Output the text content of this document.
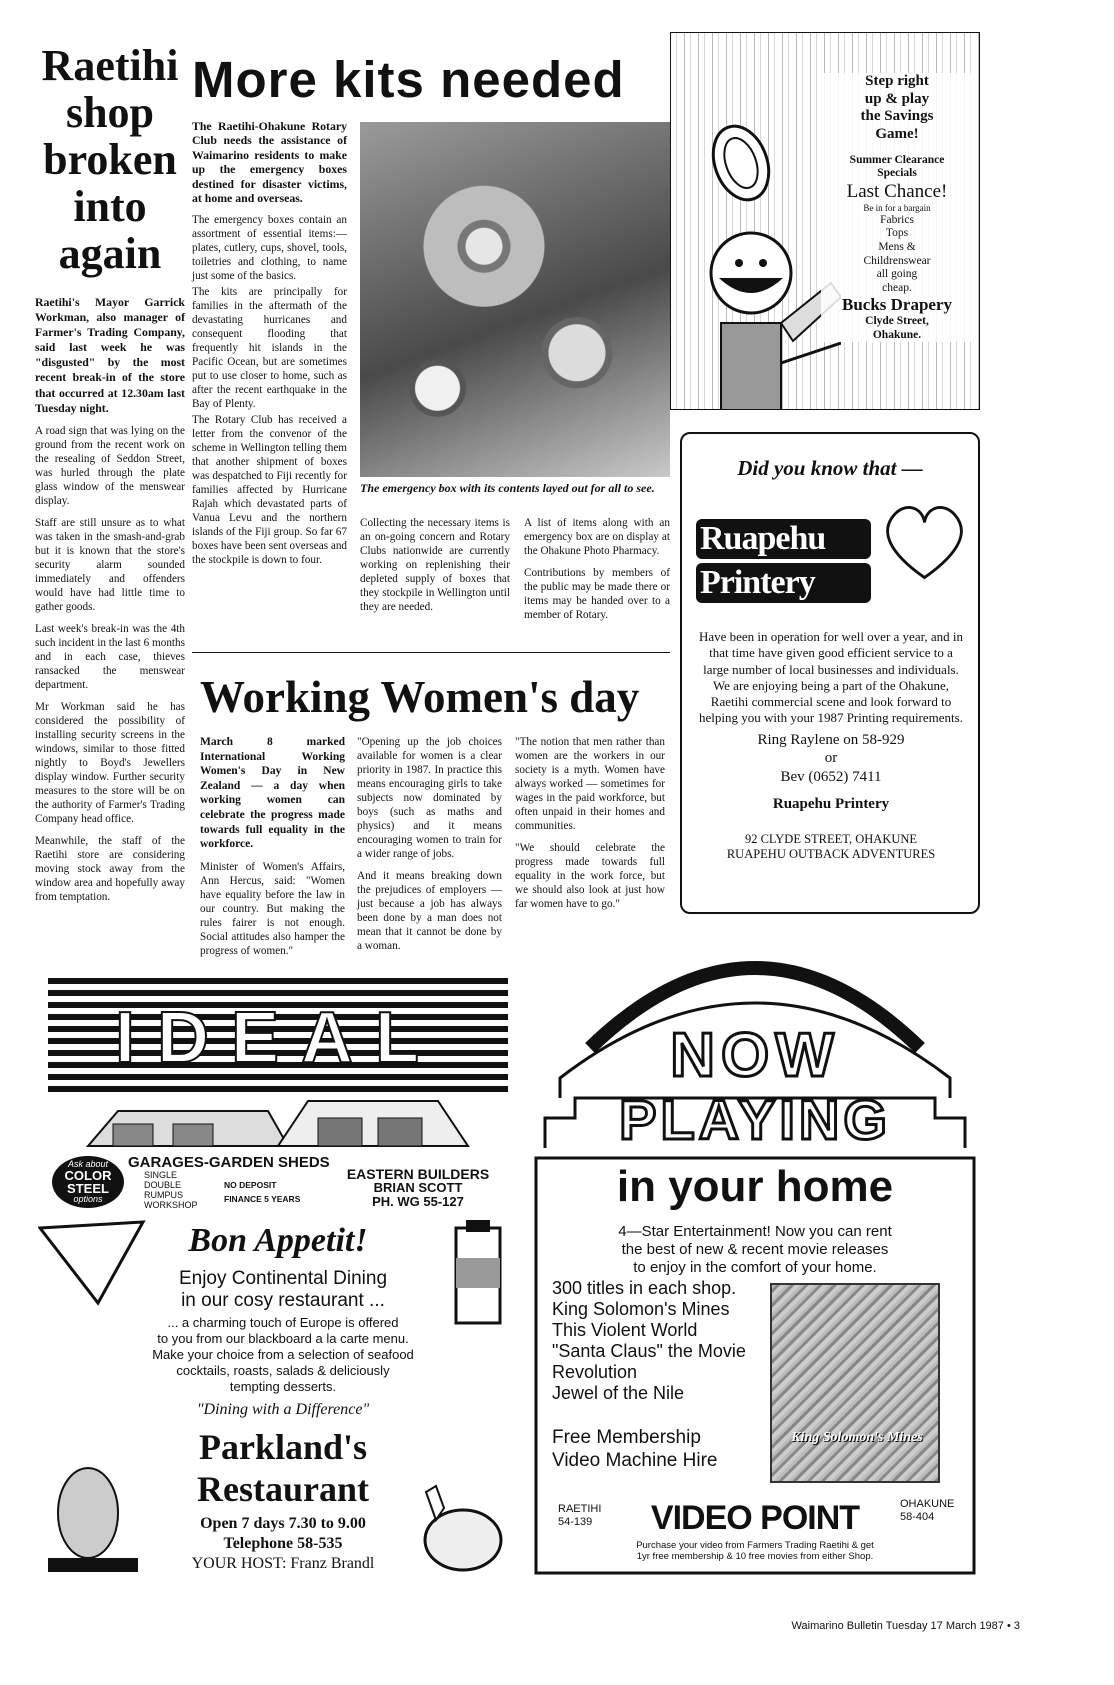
Raetihi shop broken into again

Raetihi's Mayor Garrick Workman, also manager of Farmer's Trading Company, said last week he was "disgusted" by the most recent break-in of the store that occurred at 12.30am last Tuesday night.

A road sign that was lying on the ground from the recent work on the resealing of Seddon Street, was hurled through the plate glass window of the menswear display.

Staff are still unsure as to what was taken in the smash-and-grab but it is known that the store's security alarm sounded immediately and offenders would have had little time to gather goods.

Last week's break-in was the 4th such incident in the last 6 months and in each case, thieves ransacked the menswear department.

Mr Workman said he has considered the possibility of installing security screens in the windows, similar to those fitted nightly to Boyd's Jewellers display window. Further security measures to the store will be on the authority of Farmer's Trading Company head office.

Meanwhile, the staff of the Raetihi store are considering moving stock away from the window area and hopefully away from temptation.

More kits needed

The Raetihi-Ohakune Rotary Club needs the assistance of Waimarino residents to make up the emergency boxes destined for disaster victims, at home and overseas.

The emergency boxes contain an assortment of essential items:— plates, cutlery, cups, shovel, tools, toiletries and clothing, to name just some of the basics.

The kits are principally for families in the aftermath of the devastating hurricanes and consequent flooding that frequently hit islands in the Pacific Ocean, but are sometimes put to use closer to home, such as after the recent earthquake in the Bay of Plenty.

The Rotary Club has received a letter from the convenor of the scheme in Wellington telling them that another shipment of boxes was despatched to Fiji recently for families affected by Hurricane Rajah which devastated parts of Vanua Levu and the northern islands of the Fiji group. So far 67 boxes have been sent overseas and the stockpile is down to four.

The emergency box with its contents layed out for all to see.

Collecting the necessary items is an on-going concern and Rotary Clubs nationwide are currently working on replenishing their depleted supply of boxes that they stockpile in Wellington until they are needed.

A list of items along with an emergency box are on display at the Ohakune Photo Pharmacy.

Contributions by members of the public may be made there or items may be handed over to a member of Rotary.

Working Women's day

March 8 marked International Working Women's Day in New Zealand — a day when working women can celebrate the progress made towards full equality in the workforce.

Minister of Women's Affairs, Ann Hercus, said: "Women have equality before the law in our country. But making the rules fairer is not enough. Social attitudes also hamper the progress of women."

"Opening up the job choices available for women is a clear priority in 1987. In practice this means encouraging girls to take subjects now dominated by boys (such as maths and physics) and it means encouraging women to train for a wider range of jobs.

And it means breaking down the prejudices of employers — just because a job has always been done by a man does not mean that it cannot be done by a woman.

"The notion that men rather than women are the workers in our society is a myth. Women have always worked — sometimes for wages in the paid workforce, but often unpaid in their homes and communities.

"We should celebrate the progress made towards full equality in the work force, but we should also look at just how far women have to go."

Step right
up & play
the Savings
Game!
Summer Clearance
Specials
Last Chance!
Be in for a bargain
Fabrics
Tops
Mens &
Childrenswear
all going
cheap.
Bucks Drapery
Clyde Street,
Ohakune.
Did you know that —
Ruapehu
Printery
Have been in operation for well over a year, and in that time have given good efficient service to a large number of local businesses and individuals.
We are enjoying being a part of the Ohakune, Raetihi commercial scene and look forward to helping you with your 1987 Printing requirements.
Ring Raylene on 58-929
or
Bev (0652) 7411
Ruapehu Printery
92 CLYDE STREET, OHAKUNE
RUAPEHU OUTBACK ADVENTURES
IDEAL
Ask about
COLOR
STEEL
options
GARAGES-GARDEN SHEDS
SINGLE
DOUBLE
RUMPUS
WORKSHOP
NO DEPOSIT
FINANCE 5 YEARS
EASTERN BUILDERS
BRIAN SCOTT
PH. WG 55-127
Bon Appetit!
Enjoy Continental Dining
in our cosy restaurant ...
... a charming touch of Europe is offered
to you from our blackboard a la carte menu.
Make your choice from a selection of seafood
cocktails, roasts, salads & deliciously
tempting desserts.
"Dining with a Difference"
Parkland's
Restaurant
Open 7 days 7.30 to 9.00
Telephone 58-535
YOUR HOST: Franz Brandl
NOW
PLAYING
in your home
4—Star Entertainment! Now you can rent
the best of new & recent movie releases
to enjoy in the comfort of your home.
300 titles in each shop.
King Solomon's Mines
This Violent World
"Santa Claus" the Movie
Revolution
Jewel of the Nile
Free Membership
Video Machine Hire
King Solomon's Mines
RAETIHI
54-139	VIDEO POINT	OHAKUNE
58-404
Purchase your video from Farmers Trading Raetihi & get
1yr free membership & 10 free movies from either Shop.
Waimarino Bulletin Tuesday 17 March 1987 • 3
